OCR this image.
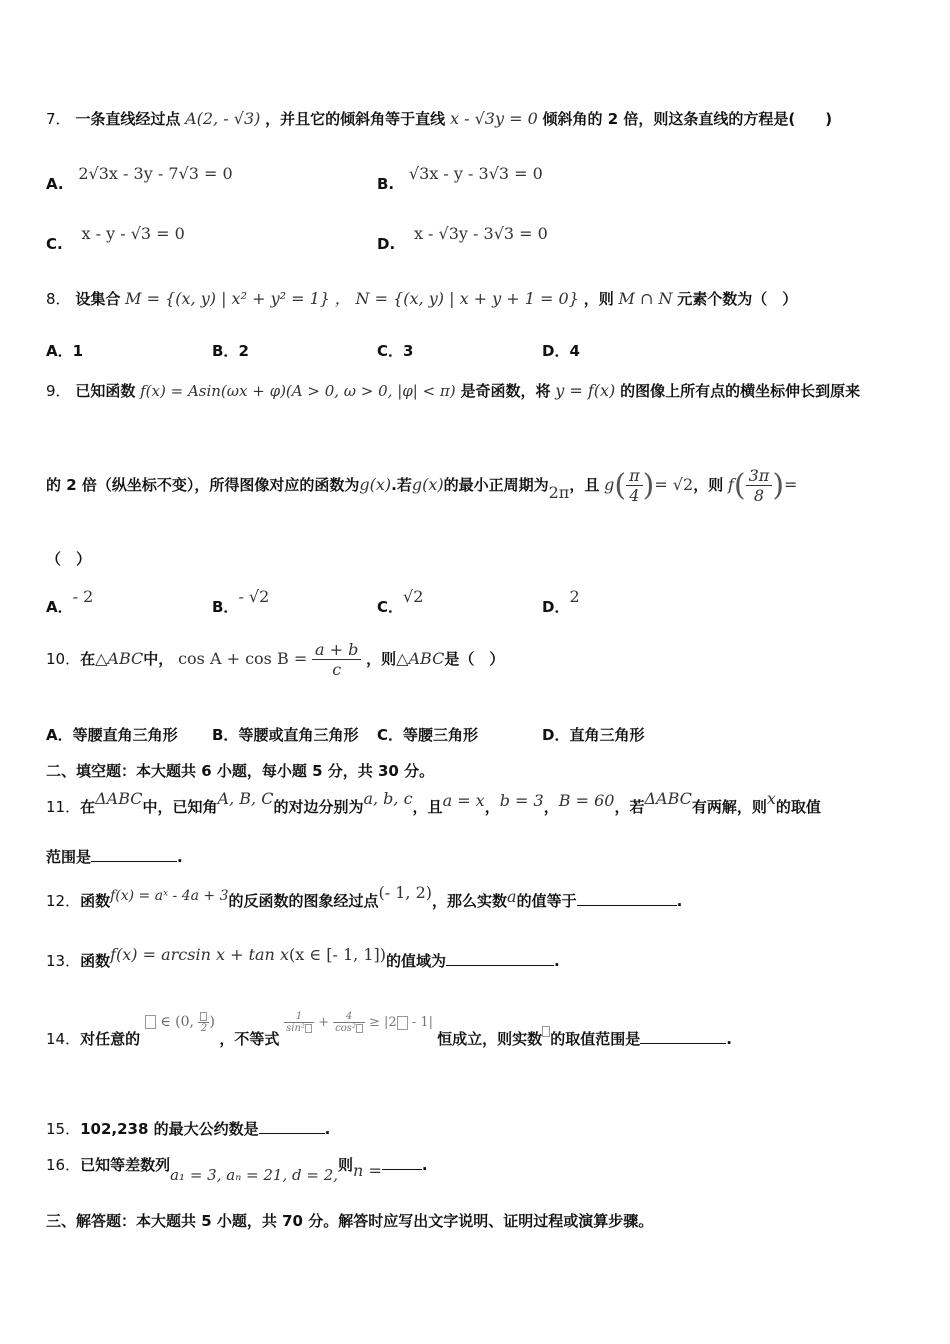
7． 一条直线经过点 A(2, - √3) ，并且它的倾斜角等于直线 x - √3y = 0 倾斜角的 2 倍，则这条直线的方程是(　　)
A. 2√3x - 3y - 7√3 = 0
B. √3x - y - 3√3 = 0
C. x - y - √3 = 0
D. x - √3y - 3√3 = 0
8． 设集合 M = {(x, y) | x² + y² = 1} ， N = {(x, y) | x + y + 1 = 0} ，则 M ∩ N 元素个数为（　）
A．1	B．2	C．3	D．4
9． 已知函数 f(x) = Asin(ωx + φ)(A > 0, ω > 0, |φ| < π) 是奇函数，将 y = f(x) 的图像上所有点的横坐标伸长到原来
的 2 倍（纵坐标不变），所得图像对应的函数为g(x).若g(x)的最小正周期为2π，且 $g( \frac{\pi}{4}$ )= √2，则 $f( \frac{3\pi}{8}$ )=
（　）
A．- 2
B．- √2
C．√2
D．2
10．在△ABC中， $\cos A + \cos B = \frac{a + b}{c}$ ，则△ABC是（　）
A．等腰直角三角形 B．等腰或直角三角形 C．等腰三角形	D．直角三角形
二、填空题：本大题共 6 小题，每小题 5 分，共 30 分。
11．在ΔABC中，已知角A, B, C的对边分别为a, b, c，且a = x，b = 3，B = 60，若ΔABC有两解，则x的取值
范围是	.
12．函数f(x) = aˣ - 4a + 3的反函数的图象经过点(- 1, 2)，那么实数a的值等于	.
13．函数f(x) = arcsin x + tan x(x ∈ [- 1, 1])的值域为	.
14．对任意的  ∈ (0, 2 ) ，不等式
$\frac{1}{\text{sin²}} + \frac{4}{\text{cos²}} \ge |2 - 1|$ 恒成立，则实数 的取值范围是	.
15．102,238 的最大公约数是	.
16．已知等差数列a₁ = 3, aₙ = 21, d = 2,则n =	.
三、解答题：本大题共 5 小题，共 70 分。解答时应写出文字说明、证明过程或演算步骤。
